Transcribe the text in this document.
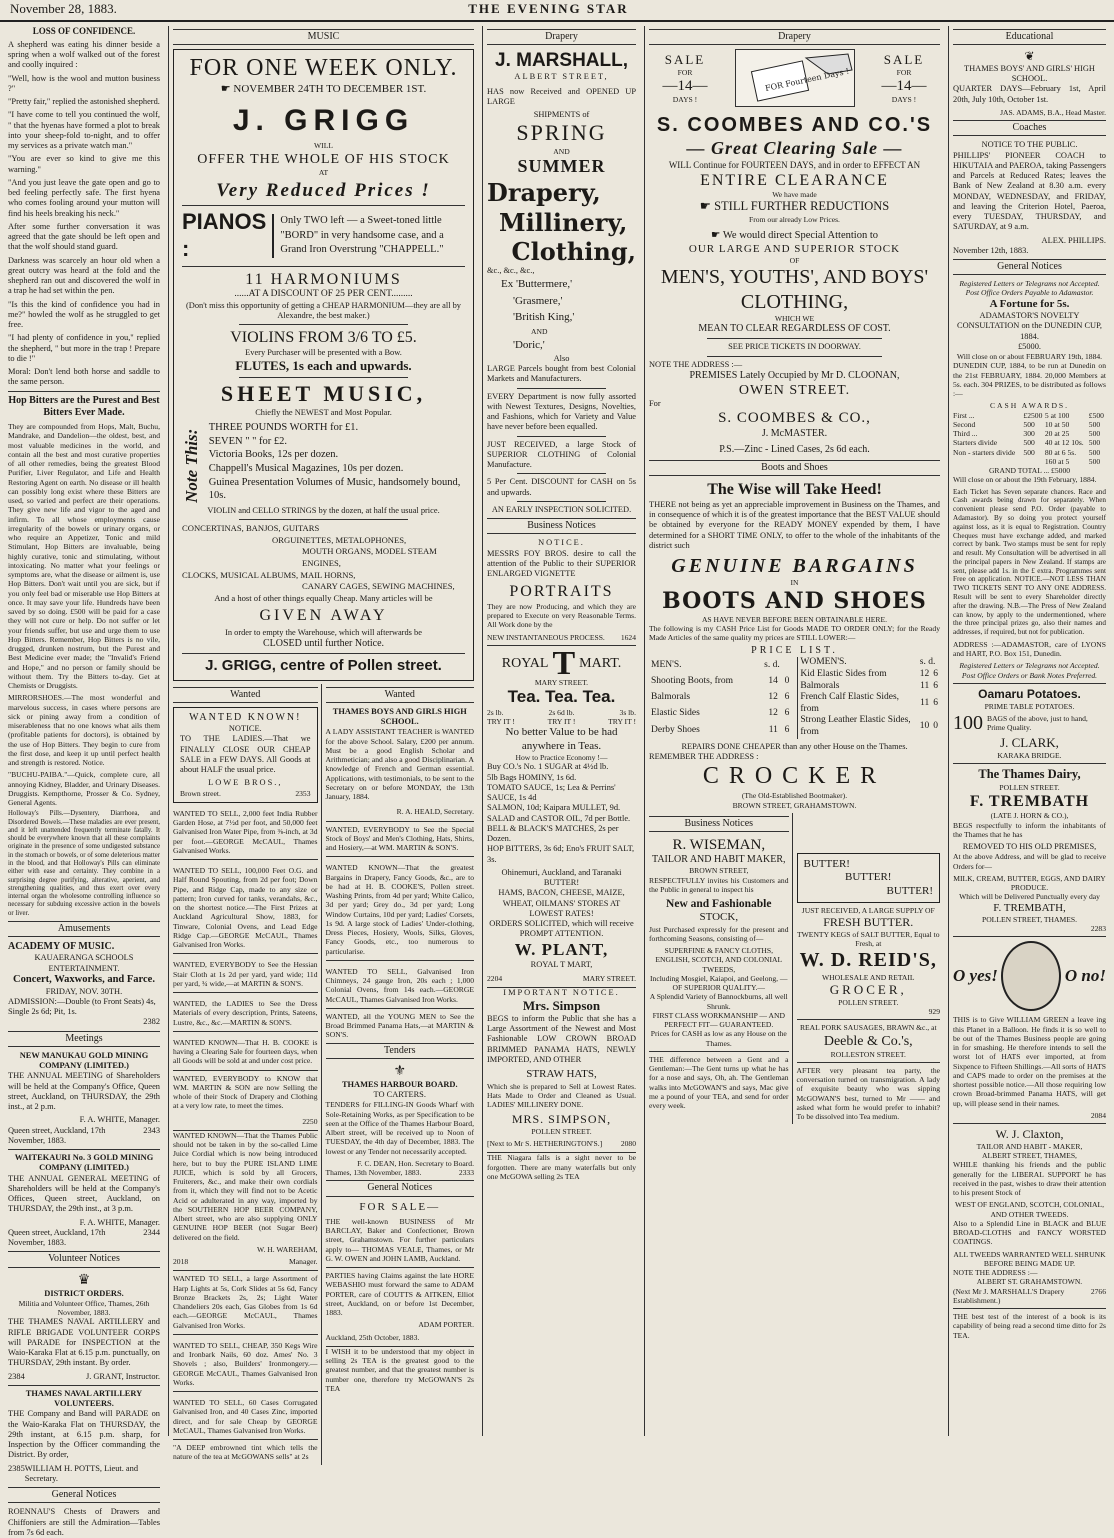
November 28, 1883.	THE EVENING STAR
LOSS OF CONFIDENCE.
A shepherd was eating his dinner beside a spring when a wolf walked out of the forest and coolly inquired :
"Well, how is the wool and mutton business ?"
"Pretty fair," replied the astonished shepherd.
"I have come to tell you continued the wolf, " that the hyenas have formed a plot to break into your sheep-fold to-night, and to offer my services as a private watch man."
"You are ever so kind to give me this warning."
"And you just leave the gate open and go to bed feeling perfectly safe. The first hyena who comes fooling around your mutton will find his heels breaking his neck."
After some further conversation it was agreed that the gate should be left open and that the wolf should stand guard.
Darkness was scarcely an hour old when a great outcry was heard at the fold and the shepherd ran out and discovered the wolf in a trap he had set within the pen.
"Is this the kind of confidence you had in me?" howled the wolf as he struggled to get free.
"I had plenty of confidence in you," replied the shepherd, " but more in the trap ! Prepare to die !"
Moral: Don't lend both horse and saddle to the same person.
Hop Bitters are the Purest and Best Bitters Ever Made.
They are compounded from Hops, Malt, Buchu, Mandrake, and Dandelion—the oldest, best, and most valuable medicines in the world, and contain all the best and most curative properties of all other remedies, being the greatest Blood Purifier, Liver Regulator, and Life and Health Restoring Agent on earth. No disease or ill health can possibly long exist where these Bitters are used, so varied and perfect are their operations. They give new life and vigor to the aged and infirm. To all whose employments cause irregularity of the bowels or urinary organs, or who require an Appetizer, Tonic and mild Stimulant, Hop Bitters are invaluable, being highly curative, tonic and stimulating, without intoxicating. No matter what your feelings or symptoms are, what the disease or ailment is, use Hop Bitters. Don't wait until you are sick, but if you only feel bad or miserable use Hop Bitters at once. It may save your life. Hundreds have been saved by so doing. £500 will be paid for a case they will not cure or help. Do not suffer or let your friends suffer, but use and urge them to use Hop Bitters. Remember, Hop Bitters is no vile, drugged, drunken nostrum, but the Purest and Best Medicine ever made; the "Invalid's Friend and Hope," and no person or family should be without them. Try the Bitters to-day. Get at Chemists or Druggists.
MIRRORSHOES.—The most wonderful and marvelous success, in cases where persons are sick or pining away from a condition of miserableness that no one knows what ails them (profitable patients for doctors), is obtained by the use of Hop Bitters. They begin to cure from the first dose, and keep it up until perfect health and strength is restored. Notice.
"BUCHU-PAIBA."—Quick, complete cure, all annoying Kidney, Bladder, and Urinary Diseases. Druggists. Kempthorne, Prosser & Co. Sydney, General Agents.
Holloway's Pills.—Dysentery, Diarrhoea, and Disordered Bowels.—These maladies are ever present, and it left unattended frequently terminate fatally. It should be everywhere known that all these complaints originate in the presence of some undigested substance in the stomach or bowels, or of some deleterious matter in the blood, and that Holloway's Pills can eliminate either with ease and certainty. They combine in a surprising degree purifying, alterative, aperient, and strengthening qualities, and thus exert over every internal organ the wholesome controlling influence so necessary for subduing excessive action in the bowels or liver.
Amusements
ACADEMY OF MUSIC.
KAUAERANGA SCHOOLS ENTERTAINMENT.
Concert, Waxworks, and Farce.
FRIDAY, NOV. 30TH.
ADMISSION:—Double (to Front Seats) 4s, Single 2s 6d; Pit, 1s.
2382
Meetings
NEW MANUKAU GOLD MINING COMPANY (LIMITED.)
THE ANNUAL MEETING of Shareholders will be held at the Company's Office, Queen street, Auckland, on THURSDAY, the 29th inst., at 2 p.m.
F. A. WHITE, Manager.
Queen street, Auckland, 17th November, 1883.
2343
WAITEKAURI No. 3 GOLD MINING COMPANY (LIMITED.)
THE ANNUAL GENERAL MEETING of Shareholders will be held at the Company's Offices, Queen street, Auckland, on THURSDAY, the 29th inst., at 3 p.m.
F. A. WHITE, Manager.
Queen street, Auckland, 17th November, 1883.
2344
Volunteer Notices
♛
DISTRICT ORDERS.
Militia and Volunteer Office, Thames, 26th November, 1883.
THE THAMES NAVAL ARTILLERY and RIFLE BRIGADE VOLUNTEER CORPS will PARADE for INSPECTION at the Waio-Karaka Flat at 6.15 p.m. punctually, on THURSDAY, 29th instant. By order.
2384	J. GRANT, Instructor.
THAMES NAVAL ARTILLERY VOLUNTEERS.
THE Company and Band will PARADE on the Waio-Karaka Flat on THURSDAY, the 29th instant, at 6.15 p.m. sharp, for Inspection by the Officer commanding the District. By order,
2385 WILLIAM H. POTTS, Lieut. and Secretary.
General Notices
ROENNAU'S Chests of Drawers and Chiffoniers are still the Admiration—Tables from 7s 6d each.
MUSIC
FOR ONE WEEK ONLY.
☛ NOVEMBER 24TH TO DECEMBER 1ST.
J. GRIGG
WILL
OFFER THE WHOLE OF HIS STOCK
AT
Very Reduced Prices !
PIANOS :
Only TWO left — a Sweet-toned little "BORD" in very handsome case, and a Grand Iron Overstrung "CHAPPELL."
11 HARMONIUMS
......AT A DISCOUNT OF 25 PER CENT.........
(Don't miss this opportunity of getting a CHEAP HARMONIUM—they are all by Alexandre, the best maker.)
VIOLINS FROM 3/6 TO £5.
Every Purchaser will be presented with a Bow.
FLUTES, 1s each and upwards.
SHEET MUSIC,
Chiefly the NEWEST and Most Popular.
Note This:
THREE POUNDS WORTH for £1.
SEVEN " " for £2.
Victoria Books, 12s per dozen.
Chappell's Musical Magazines, 10s per dozen.
Guinea Presentation Volumes of Music, handsomely bound, 10s.
VIOLIN and CELLO STRINGS by the dozen, at half the usual price.
CONCERTINAS, BANJOS, GUITARS
ORGUINETTES, METALOPHONES,
MOUTH ORGANS, MODEL STEAM ENGINES,
CLOCKS, MUSICAL ALBUMS, MAIL HORNS,
CANARY CAGES, SEWING MACHINES,
And a host of other things equally Cheap. Many articles will be
GIVEN AWAY
In order to empty the Warehouse, which will afterwards be
CLOSED until further Notice.
J. GRIGG, centre of Pollen street.
Wanted
WANTED KNOWN!
NOTICE.
TO THE LADIES.—That we FINALLY CLOSE OUR CHEAP SALE in a FEW DAYS. All Goods at about HALF the usual price.
LOWE BROS.,
Brown street.	2353
WANTED TO SELL, 2,000 feet India Rubber Garden Hose, at 7½d per foot, and 50,000 feet Galvanised Iron Water Pipe, from ⅜-inch, at 3d per foot.—GEORGE McCAUL, Thames Galvanised Works.
WANTED TO SELL, 100,000 Feet O.G. and Half Round Spouting, from 2d per foot; Down Pipe, and Ridge Cap, made to any size or pattern; Iron curved for tanks, verandahs, &c., on the shortest notice.—The First Prizes at Auckland Agricultural Show, 1883, for Tinware, Colonial Ovens, and Lead Edge Ridge Cap.—GEORGE McCAUL, Thames Galvanised Iron Works.
WANTED, EVERYBODY to See the Hessian Stair Cloth at 1s 2d per yard, yard wide; 11d per yard, ¾ wide,—at MARTIN & SON'S.
WANTED, the LADIES to See the Dress Materials of every description, Prints, Sateens, Lustre, &c., &c.—MARTIN & SON'S.
WANTED KNOWN—That H. B. COOKE is having a Clearing Sale for fourteen days, when all Goods will be sold at and under cost price.
WANTED, EVERYBODY to KNOW that WM. MARTIN & SON are now Selling the whole of their Stock of Drapery and Clothing at a very low rate, to meet the times.
2250
WANTED KNOWN—That the Thames Public should not be taken in by the so-called Lime Juice Cordial which is now being introduced here, but to buy the PURE ISLAND LIME JUICE, which is sold by all Grocers, Fruiterers, &c., and make their own cordials from it, which they will find not to be Acetic Acid or adulterated in any way, imported by the SOUTHERN HOP BEER COMPANY, Albert street, who are also supplying ONLY GENUINE HOP BEER (not Sugar Beer) delivered on the field.
W. H. WAREHAM,
2018	Manager.
WANTED TO SELL, a large Assortment of Harp Lights at 5s, Cork Slides at 5s 6d, Fancy Bronze Brackets 2s, 2s; Light Water Chandeliers 20s each, Gas Globes from 1s 6d each.—GEORGE McCAUL, Thames Galvanised Iron Works.
WANTED TO SELL, CHEAP, 350 Kegs Wire and Ironbark Nails, 60 doz. Ames' No. 3 Shovels ; also, Builders' Ironmongery.—GEORGE McCAUL, Thames Galvanised Iron Works.
WANTED TO SELL, 60 Cases Corrugated Galvanised Iron, and 40 Cases Zinc, imported direct, and for sale Cheap by GEORGE McCAUL, Thames Galvanised Iron Works.
"A DEEP embrowned tint which tells the nature of the tea at McGOWANS sells" at 2s
Wanted
THAMES BOYS AND GIRLS HIGH SCHOOL.
A LADY ASSISTANT TEACHER is WANTED for the above School. Salary, £200 per annum. Must be a good English Scholar and Arithmetician; and also a good Disciplinarian. A knowledge of French and German essential. Applications, with testimonials, to be sent to the Secretary on or before MONDAY, the 13th January, 1884.
R. A. HEALD, Secretary.
WANTED, EVERYBODY to See the Special Stock of Boys' and Men's Clothing, Hats, Shirts, and Hosiery,—at WM. MARTIN & SON'S.
WANTED KNOWN—That the greatest Bargains in Drapery, Fancy Goods, &c., are to be had at H. B. COOKE'S, Pollen street. Washing Prints, from 4d per yard; White Calico, 3d per yard; Grey do., 3d per yard; Long Window Curtains, 10d per yard; Ladies' Corsets, 1s 9d. A large stock of Ladies' Under-clothing, Dress Pieces, Hosiery, Wools, Silks, Gloves, Fancy Goods, etc., too numerous to particularise.
WANTED TO SELL, Galvanised Iron Chimneys, 24 gauge Iron, 20s each ; 1,000 Colonial Ovens, from 14s each.—GEORGE McCAUL, Thames Galvanised Iron Works.
WANTED, all the YOUNG MEN to See the Broad Brimmed Panama Hats,—at MARTIN & SON'S.
Tenders
⚜
THAMES HARBOUR BOARD.
TO CARTERS.
TENDERS for FILLING-IN Goods Wharf with Sole-Retaining Works, as per Specification to be seen at the Office of the Thames Harbour Board, Albert street, will be received up to Noon of TUESDAY, the 4th day of December, 1883. The lowest or any Tender not necessarily accepted.
F. C. DEAN, Hon. Secretary to Board.
Thames, 13th November, 1883.	2333
General Notices
FOR SALE—
THE well-known BUSINESS of Mr BARCLAY, Baker and Confectioner, Brown street, Grahamstown. For further particulars apply to— THOMAS VEALE, Thames, or Mr G. W. OWEN and JOHN LAMB, Auckland.
PARTIES having Claims against the late HORE WEBASHIO must forward the same to ADAM PORTER, care of COUTTS & AITKEN, Elliot street, Auckland, on or before 1st December, 1883.
ADAM PORTER.
Auckland, 25th October, 1883.
I WISH it to be understood that my object in selling 2s TEA is the greatest good to the greatest number, and that the greatest number is number one, therefore try McGOWAN'S 2s TEA
Drapery
J. MARSHALL,
ALBERT STREET,
HAS now Received and OPENED UP LARGE
SHIPMENTS of
SPRING
AND
SUMMER
Drapery,
Millinery,
Clothing,
&c., &c., &c.,
Ex 'Buttermere,'
'Grasmere,'
'British King,'
AND
'Doric,'
Also
LARGE Parcels bought from best Colonial Markets and Manufacturers.
EVERY Department is now fully assorted with Newest Textures, Designs, Novelties, and Fashions, which for Variety and Value have never before been equalled.
JUST RECEIVED, a large Stock of SUPERIOR CLOTHING of Colonial Manufacture.
5 Per Cent. DISCOUNT for CASH on 5s and upwards.
AN EARLY INSPECTION SOLICITED.
Business Notices
NOTICE.
MESSRS FOY BROS. desire to call the attention of the Public to their SUPERIOR ENLARGED VIGNETTE
PORTRAITS
They are now Producing, and which they are prepared to Execute on very Reasonable Terms. All Work done by the
NEW INSTANTANEOUS PROCESS. 1624
ROYAL T MART.
MARY STREET.
Tea. Tea. Tea.
2s lb.	2s 6d lb.	3s lb.
TRY IT !	TRY IT !	TRY IT !
No better Value to be had anywhere in Teas.
How to Practice Economy !—
Buy CO.'s No. 1 SUGAR at 4½d lb.
5lb Bags HOMINY, 1s 6d.
TOMATO SAUCE, 1s; Lea & Perrins' SAUCE, 1s 4d
SALMON, 10d; Kaipara MULLET, 9d.
SALAD and CASTOR OIL, 7d per Bottle.
BELL & BLACK'S MATCHES, 2s per Dozen.
HOP BITTERS, 3s 6d; Eno's FRUIT SALT, 3s.
Ohinemuri, Auckland, and Taranaki BUTTER!
HAMS, BACON, CHEESE, MAIZE, WHEAT, OILMANS' STORES AT LOWEST RATES!
ORDERS SOLICITED, which will receive PROMPT ATTENTION.
W. PLANT,
ROYAL T MART,
2204	MARY STREET.
IMPORTANT NOTICE.
Mrs. Simpson
BEGS to inform the Public that she has a Large Assortment of the Newest and Most Fashionable LOW CROWN BROAD BRIMMED PANAMA HATS, NEWLY IMPORTED, AND OTHER
STRAW HATS,
Which she is prepared to Sell at Lowest Rates. Hats Made to Order and Cleaned as Usual. LADIES' MILLINERY DONE.
MRS. SIMPSON,
POLLEN STREET.
[Next to Mr S. HETHERINGTON'S.] 2080
THE Niagara falls is a sight never to be forgotten. There are many waterfalls but only one McGOWA selling 2s TEA
Drapery
SALE
FOR
—14—
DAYS !
FOR Fourteen Days !
SALE
FOR
—14—
DAYS !
S. COOMBES AND CO.'S
— Great Clearing Sale —
WILL Continue for FOURTEEN DAYS, and in order to EFFECT AN
ENTIRE CLEARANCE
We have made
☛ STILL FURTHER REDUCTIONS
From our already Low Prices.
☛ We would direct Special Attention to
OUR LARGE AND SUPERIOR STOCK
OF
MEN'S, YOUTHS', AND BOYS'
CLOTHING,
WHICH WE
MEAN TO CLEAR REGARDLESS OF COST.
SEE PRICE TICKETS IN DOORWAY.
NOTE THE ADDRESS :—
PREMISES Lately Occupied by Mr D. CLOONAN,
OWEN STREET.
For
S. COOMBES & CO.,
J. McMASTER.
P.S.—Zinc - Lined Cases, 2s 6d each.
Boots and Shoes
The Wise will Take Heed!
THERE not being as yet an appreciable improvement in Business on the Thames, and in consequence of which it is of the greatest importance that the BEST VALUE should be obtained by everyone for the READY MONEY expended by them, I have determined for a SHORT TIME ONLY, to offer to the whole of the inhabitants of the district such
GENUINE BARGAINS
IN
BOOTS AND SHOES
AS HAVE NEVER BEFORE BEEN OBTAINABLE HERE.
The following is my CASH Price List for Goods MADE TO ORDER ONLY; for the Ready Made Articles of the same quality my prices are STILL LOWER:—
PRICE LIST.
MEN'S.	s. d.	
Shooting Boots, from	14	0
Balmorals	12	6
Elastic Sides	12	6
Derby Shoes	11	6
WOMEN'S.	s. d.	
Kid Elastic Sides from	12	6
Balmorals	11	6
French Calf Elastic Sides, from	11	6
Strong Leather Elastic Sides, from	10	0
REPAIRS DONE CHEAPER than any other House on the Thames.
REMEMBER THE ADDRESS :
CROCKER
(The Old-Established Bootmaker).
BROWN STREET, GRAHAMSTOWN.
Business Notices
R. WISEMAN,
TAILOR AND HABIT MAKER,
BROWN STREET,
RESPECTFULLY invites his Customers and the Public in general to inspect his
New and Fashionable
STOCK,
Just Purchased expressly for the present and forthcoming Seasons, consisting of—
SUPERFINE & FANCY CLOTHS, ENGLISH, SCOTCH, AND COLONIAL TWEEDS,
Including Mosgiel, Kaiapoi, and Geelong, — OF SUPERIOR QUALITY.—
A Splendid Variety of Bannockburns, all well Shrunk.
FIRST CLASS WORKMANSHIP — AND PERFECT FIT— GUARANTEED.
Prices for CASH as low as any House on the Thames.
THE difference between a Gent and a Gentleman:—The Gent turns up what he has for a nose and says, Oh, ah. The Gentleman walks into McGOWAN'S and says, Mac give me a pound of your TEA, and send for order every week.
BUTTER!
BUTTER!
BUTTER!
JUST RECEIVED, A LARGE SUPPLY OF
FRESH BUTTER.
TWENTY KEGS of SALT BUTTER, Equal to Fresh, at
W. D. REID'S,
WHOLESALE AND RETAIL
GROCER,
POLLEN STREET.
929
REAL PORK SAUSAGES, BRAWN &c., at
Deeble & Co.'s,
ROLLESTON STREET.
AFTER very pleasant tea party, the conversation turned on transmigration. A lady of exquisite beauty who was sipping McGOWAN'S best, turned to Mr —— and asked what form he would prefer to inhabit? To be dissolved into Tea medium.
Educational
❦
THAMES BOYS' AND GIRLS' HIGH SCHOOL.
QUARTER DAYS—February 1st, April 20th, July 10th, October 1st.
JAS. ADAMS, B.A., Head Master.
Coaches
NOTICE TO THE PUBLIC.
PHILLIPS' PIONEER COACH to HIKUTAIA and PAEROA, taking Passengers and Parcels at Reduced Rates; leaves the Bank of New Zealand at 8.30 a.m. every MONDAY, WEDNESDAY, and FRIDAY, and leaving the Criterion Hotel, Paeroa, every TUESDAY, THURSDAY, and SATURDAY, at 9 a.m.
ALEX. PHILLIPS.
November 12th, 1883.
General Notices
Registered Letters or Telegrams not Accepted. Post Office Orders Payable to Adamastor.
A Fortune for 5s.
ADAMASTOR'S NOVELTY CONSULTATION on the DUNEDIN CUP, 1884.
£5000.
Will close on or about FEBRUARY 19th, 1884.
DUNEDIN CUP, 1884, to be run at Dunedin on the 21st FEBRUARY, 1884. 20,000 Members at 5s. each. 304 PRIZES, to be distributed as follows :—
CASH AWARDS.
First ...	£2500	5 at 100	£500
Second	500	10 at 50	500
Third ...	300	20 at 25	500
Starters divide	500	40 at 12 10s.	500
Non - starters divide	500	80 at 6 5s.	500
		160 at 5	500
GRAND TOTAL ... £5000
Will close on or about the 19th February, 1884.
Each Ticket has Seven separate chances. Race and Cash awards being drawn for separately. When convenient please send P.O. Order (payable to Adamastor). By so doing you protect yourself against loss, as it is equal to Registration. Country Cheques must have exchange added, and marked correct by bank. Two stamps must be sent for reply and result. My Consultation will be advertised in all the principal papers in New Zealand. If stamps are sent, please add 1s. in the £ extra. Programmes sent Free on application. NOTICE.—NOT LESS THAN TWO TICKETS SENT TO ANY ONE ADDRESS. Result will be sent to every Shareholder directly after the drawing. N.B.—The Press of New Zealand can know, by apply to the undermentioned, where the three principal prizes go, also their names and addresses, if required, but not for publication.
ADDRESS :—ADAMASTOR, care of LYONS and HART, P.O. Box 151, Dunedin.
Registered Letters or Telegrams not Accepted. Post Office Orders or Bank Notes Preferred.
Oamaru Potatoes.
PRIME TABLE POTATOES.
100 BAGS of the above, just to hand, Prime Quality.
J. CLARK,
KARAKA BRIDGE.
The Thames Dairy,
POLLEN STREET.
F. TREMBATH
(LATE J. HORN & CO.),
BEGS respectfully to inform the inhabitants of the Thames that he has
REMOVED TO HIS OLD PREMISES,
At the above Address, and will be glad to receive Orders for—
MILK, CREAM, BUTTER, EGGS, AND DAIRY PRODUCE.
Which will be Delivered Punctually every day
F. TREMBATH,
POLLEN STREET, THAMES.
2283
O yes!	O no!
THIS is to Give WILLIAM GREEN a leave ing this Planet in a Balloon. He finds it is so well to be out of the Thames Business people are going in for smashing. He therefore intends to sell the worst lot of HATS ever imported, at from Sixpence to Fifteen Shillings.—All sorts of HATS and CAPS made to order on the premises at the shortest possible notice.—All those requiring low crown Broad-brimmed Panama HATS, will get up, will please send in their names.
2084
W. J. Claxton,
TAILOR AND HABIT - MAKER,
ALBERT STREET, THAMES,
WHILE thanking his friends and the public generally for the LIBERAL SUPPORT he has received in the past, wishes to draw their attention to his present Stock of
WEST OF ENGLAND, SCOTCH, COLONIAL, AND OTHER TWEEDS.
Also to a Splendid Line in BLACK and BLUE BROAD-CLOTHS and FANCY WORSTED COATINGS.
ALL TWEEDS WARRANTED WELL SHRUNK BEFORE BEING MADE UP.
NOTE THE ADDRESS :—
ALBERT ST. GRAHAMSTOWN.
(Next Mr J. MARSHALL'S Drapery Establishment.)
2766
THE best test of the interest of a book is its capability of being read a second time ditto for 2s TEA.
